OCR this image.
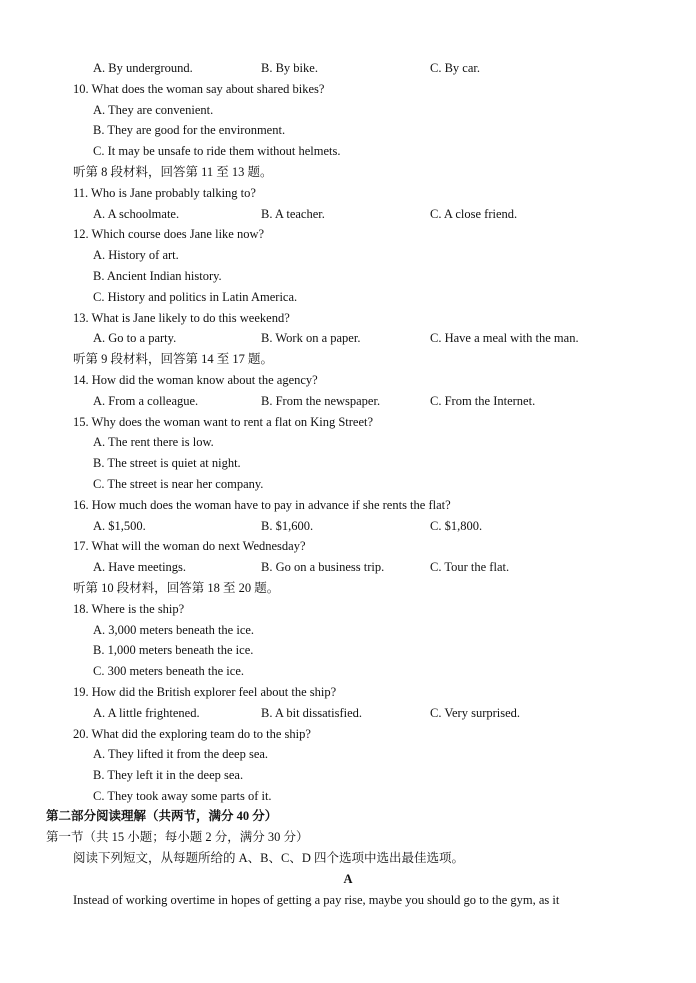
A. By underground.	B. By bike.	C. By car.
10. What does the woman say about shared bikes?
A. They are convenient.
B. They are good for the environment.
C. It may be unsafe to ride them without helmets.
听第 8 段材料，回答第 11 至 13 题。
11. Who is Jane probably talking to?
A. A schoolmate.	B. A teacher.	C. A close friend.
12. Which course does Jane like now?
A. History of art.
B. Ancient Indian history.
C. History and politics in Latin America.
13. What is Jane likely to do this weekend?
A. Go to a party.	B. Work on a paper.	C. Have a meal with the man.
听第 9 段材料，回答第 14 至 17 题。
14. How did the woman know about the agency?
A. From a colleague.	B. From the newspaper.	C. From the Internet.
15. Why does the woman want to rent a flat on King Street?
A. The rent there is low.
B. The street is quiet at night.
C. The street is near her company.
16. How much does the woman have to pay in advance if she rents the flat?
A. $1,500.	B. $1,600.	C. $1,800.
17. What will the woman do next Wednesday?
A. Have meetings.	B. Go on a business trip.	C. Tour the flat.
听第 10 段材料，回答第 18 至 20 题。
18. Where is the ship?
A. 3,000 meters beneath the ice.
B. 1,000 meters beneath the ice.
C. 300 meters beneath the ice.
19. How did the British explorer feel about the ship?
A. A little frightened.	B. A bit dissatisfied.	C. Very surprised.
20. What did the exploring team do to the ship?
A. They lifted it from the deep sea.
B. They left it in the deep sea.
C. They took away some parts of it.
第二部分阅读理解（共两节，满分 40 分）
第一节（共 15 小题；每小题 2 分，满分 30 分）
阅读下列短文，从每题所给的 A、B、C、D 四个选项中选出最佳选项。
A
Instead of working overtime in hopes of getting a pay rise, maybe you should go to the gym, as it
